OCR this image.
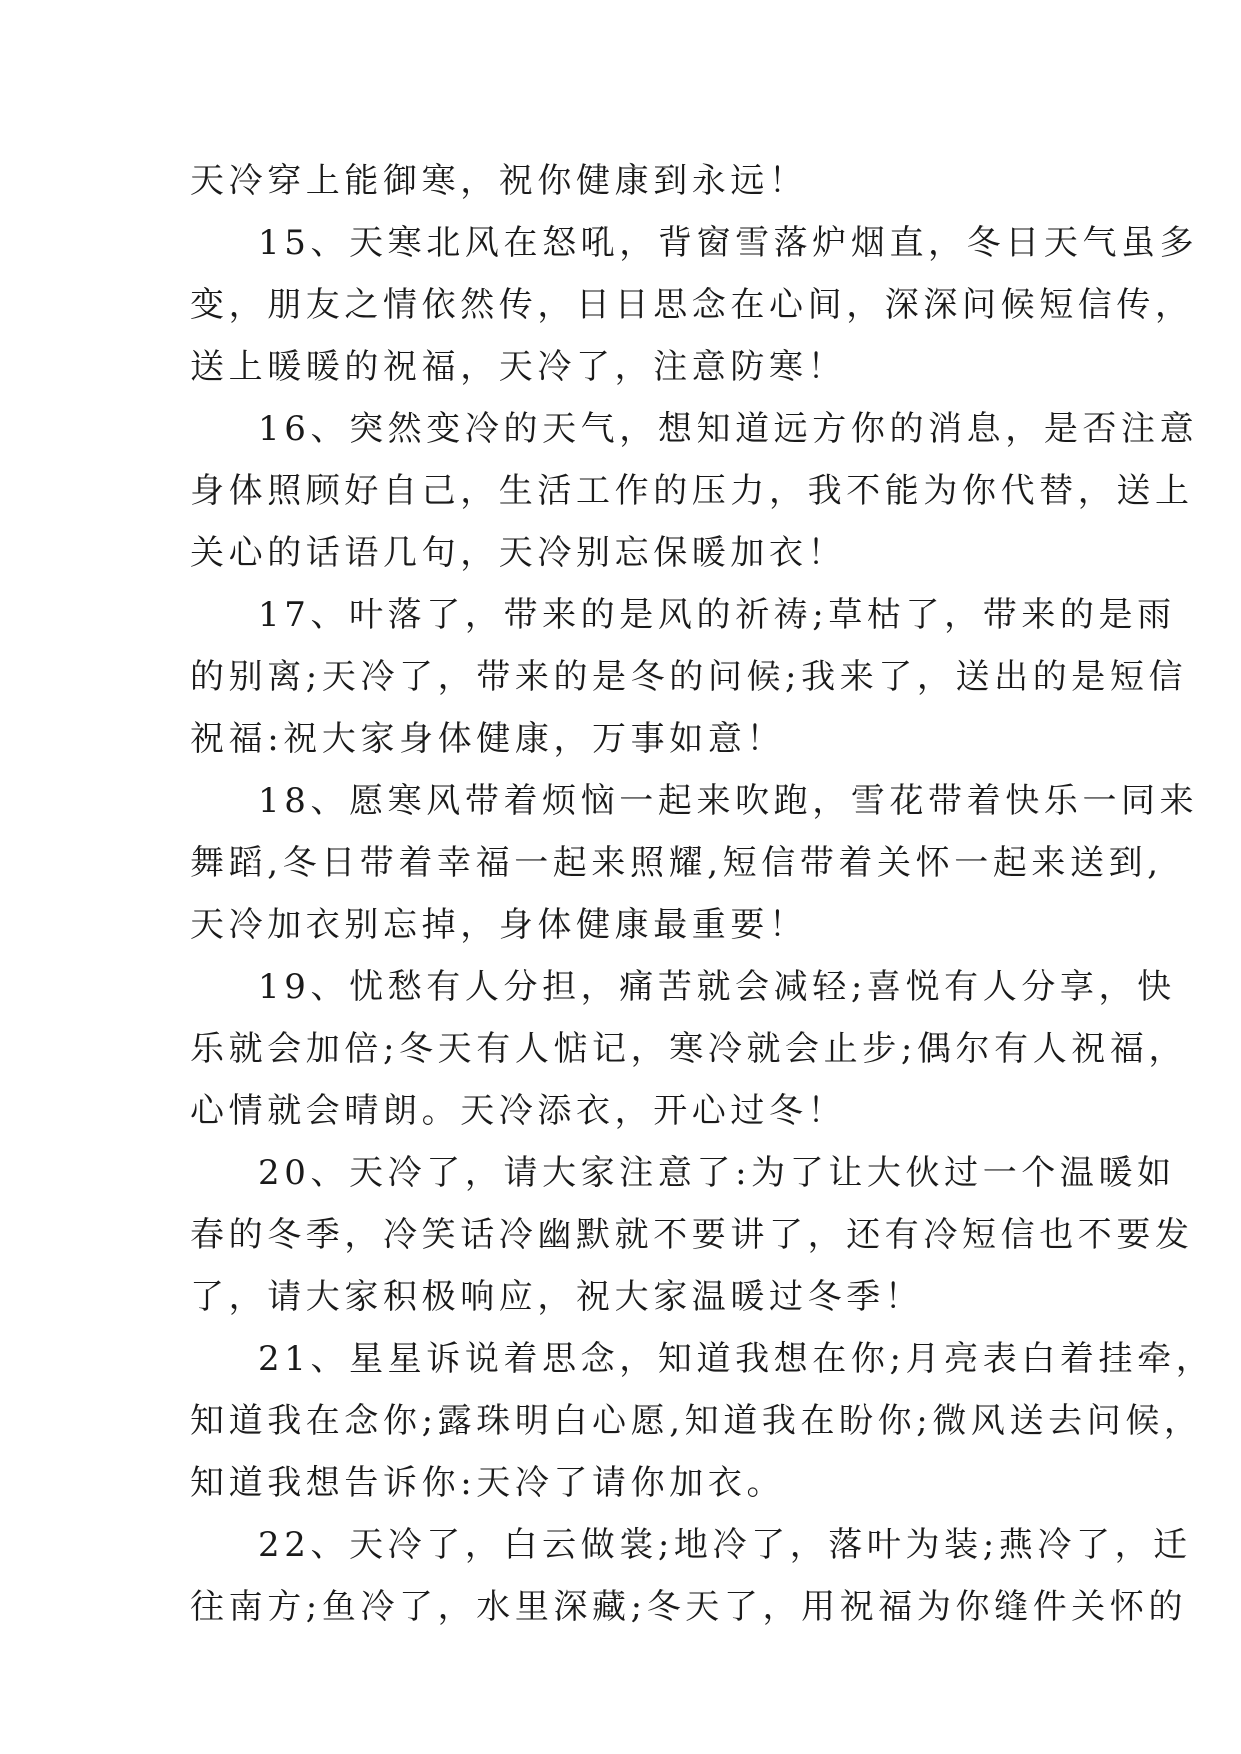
天冷穿上能御寒，祝你健康到永远！
15、天寒北风在怒吼，背窗雪落炉烟直，冬日天气虽多
变，朋友之情依然传，日日思念在心间，深深问候短信传，
送上暖暖的祝福，天冷了，注意防寒！
16、突然变冷的天气，想知道远方你的消息，是否注意
身体照顾好自己，生活工作的压力，我不能为你代替，送上
关心的话语几句，天冷别忘保暖加衣！
17、叶落了，带来的是风的祈祷;草枯了，带来的是雨
的别离;天冷了，带来的是冬的问候;我来了，送出的是短信
祝福:祝大家身体健康，万事如意！
18、愿寒风带着烦恼一起来吹跑，雪花带着快乐一同来
舞蹈,冬日带着幸福一起来照耀,短信带着关怀一起来送到,
天冷加衣别忘掉，身体健康最重要！
19、忧愁有人分担，痛苦就会减轻;喜悦有人分享，快
乐就会加倍;冬天有人惦记，寒冷就会止步;偶尔有人祝福，
心情就会晴朗。天冷添衣，开心过冬！
20、天冷了，请大家注意了:为了让大伙过一个温暖如
春的冬季，冷笑话冷幽默就不要讲了，还有冷短信也不要发
了，请大家积极响应，祝大家温暖过冬季！
21、星星诉说着思念，知道我想在你;月亮表白着挂牵，
知道我在念你;露珠明白心愿,知道我在盼你;微风送去问候，
知道我想告诉你:天冷了请你加衣。
22、天冷了，白云做裳;地冷了，落叶为装;燕冷了，迁
往南方;鱼冷了，水里深藏;冬天了，用祝福为你缝件关怀的
